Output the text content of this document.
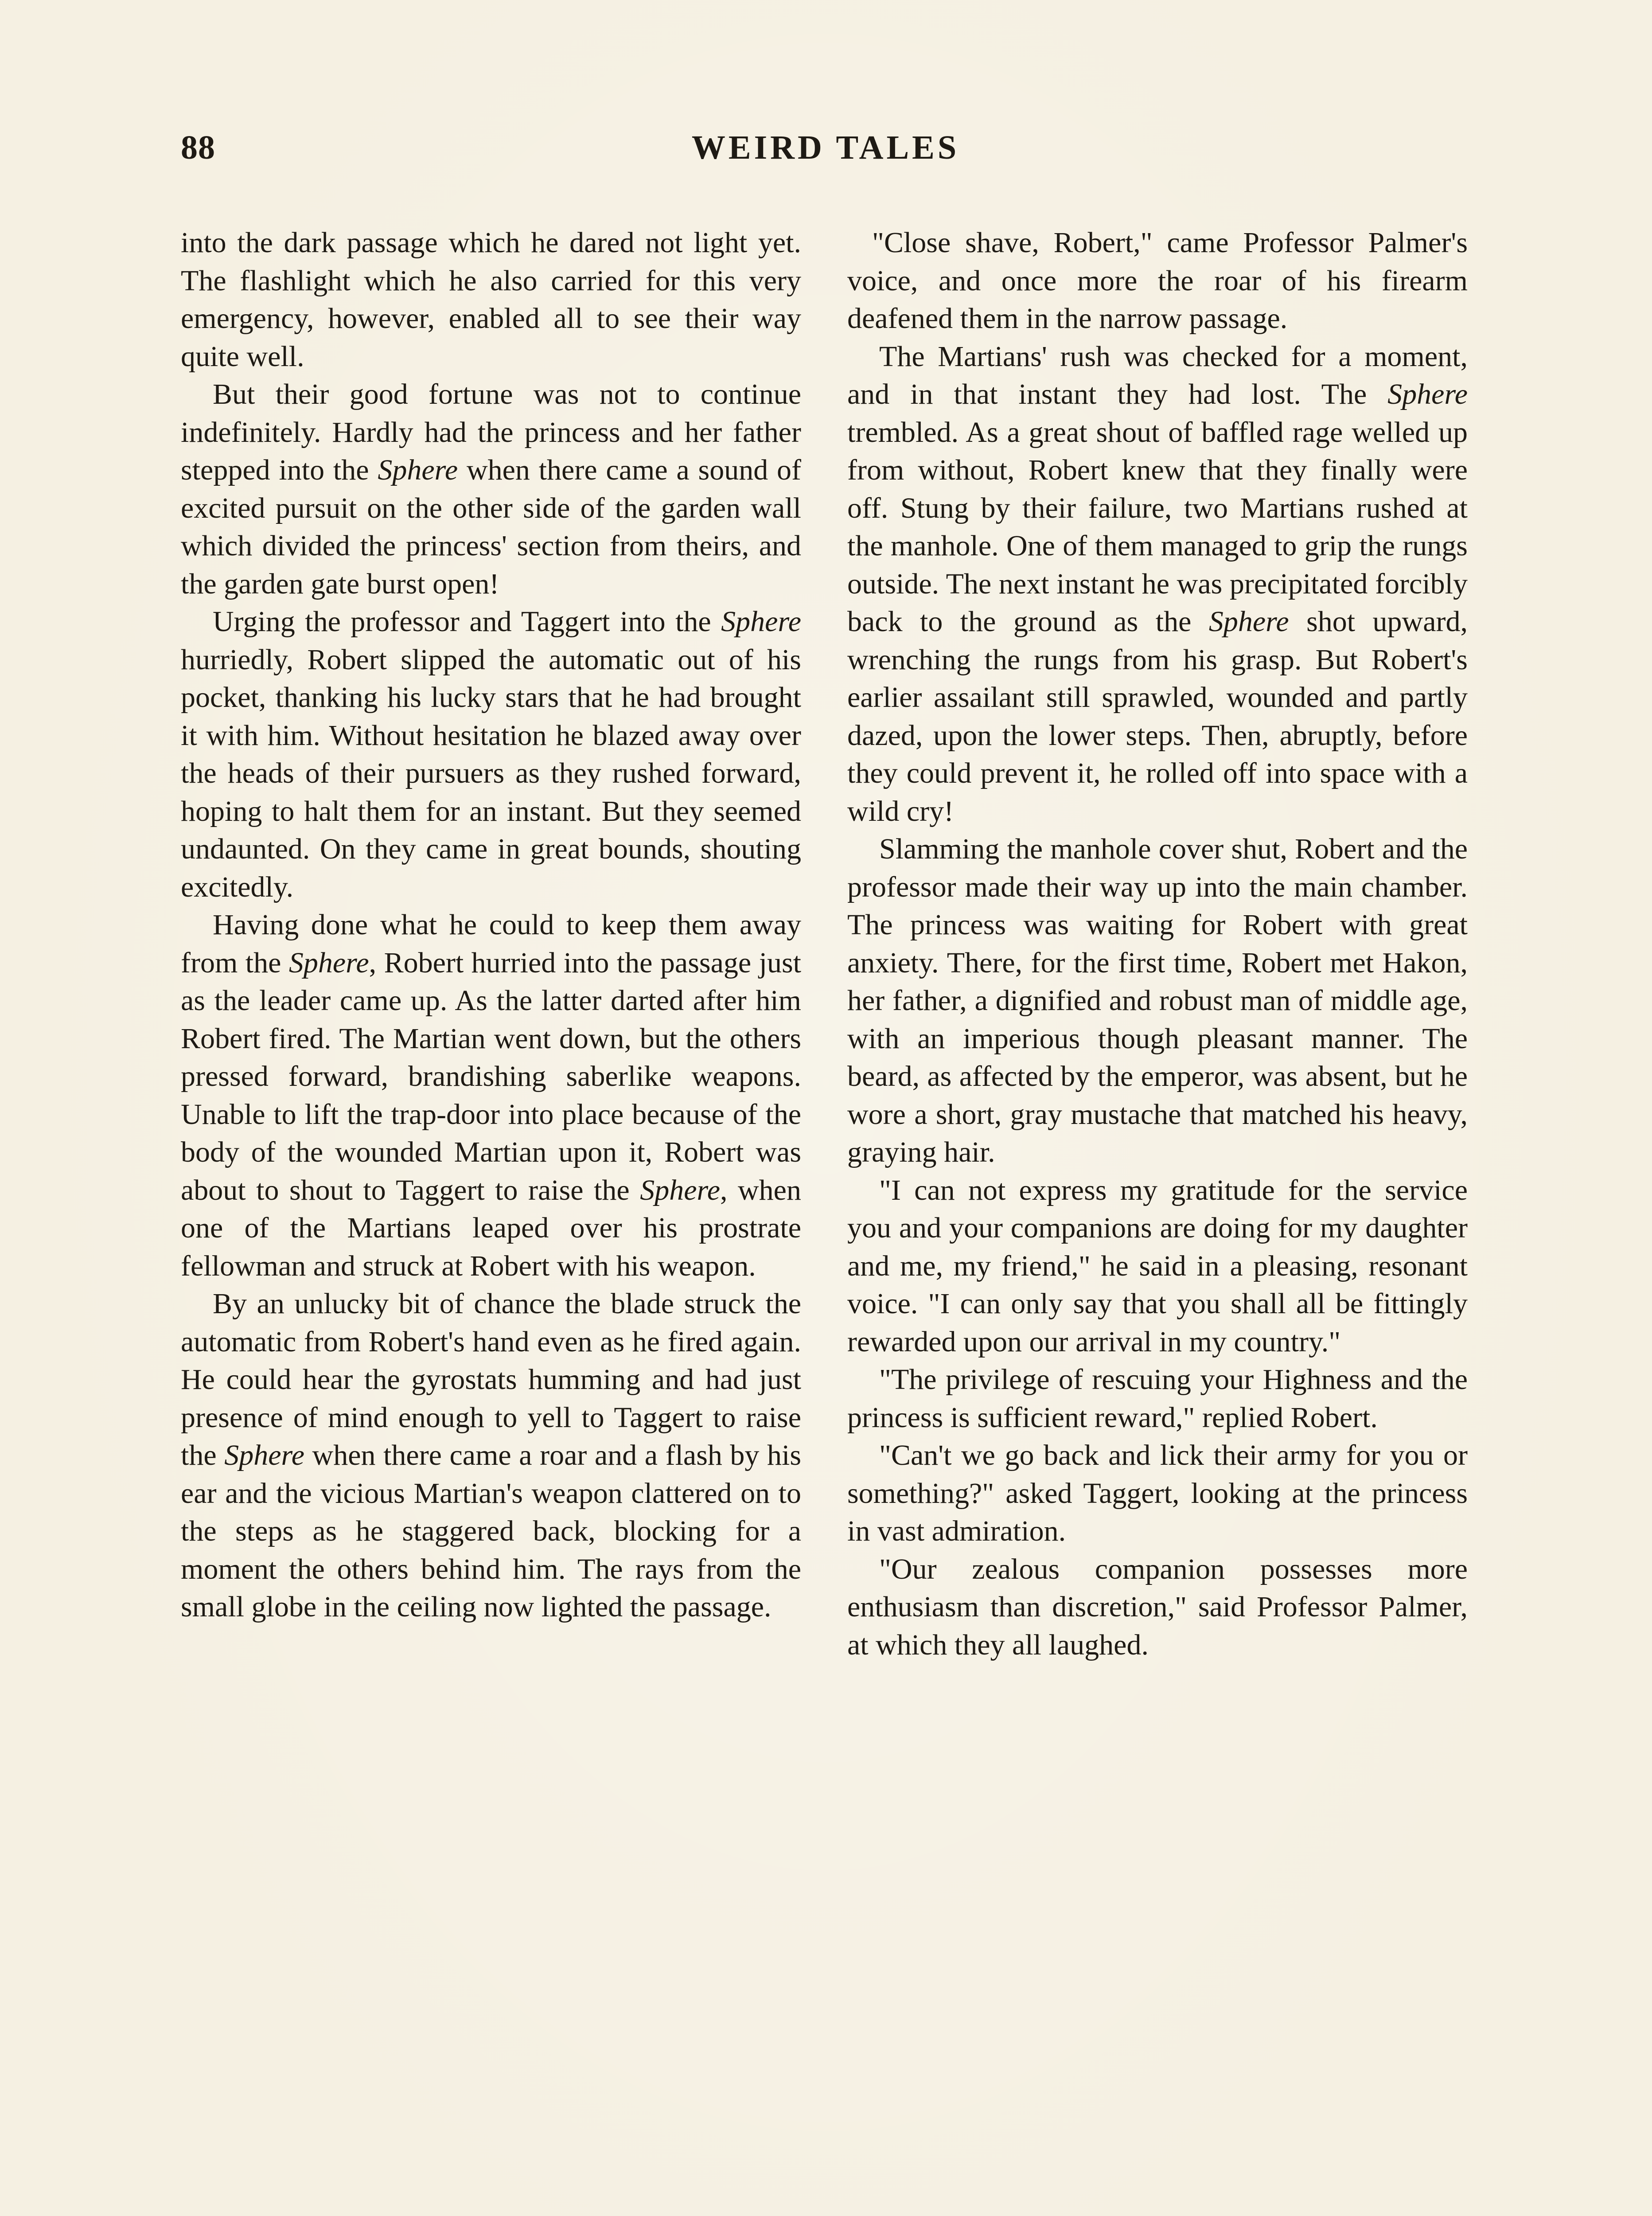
88	WEIRD TALES

into the dark passage which he dared not light yet. The flashlight which he also carried for this very emergency, however, enabled all to see their way quite well.

But their good fortune was not to continue indefinitely. Hardly had the princess and her father stepped into the Sphere when there came a sound of excited pursuit on the other side of the garden wall which divided the princess' section from theirs, and the garden gate burst open!

Urging the professor and Taggert into the Sphere hurriedly, Robert slipped the automatic out of his pocket, thanking his lucky stars that he had brought it with him. Without hesitation he blazed away over the heads of their pursuers as they rushed forward, hoping to halt them for an instant. But they seemed undaunted. On they came in great bounds, shouting excitedly.

Having done what he could to keep them away from the Sphere, Robert hurried into the passage just as the leader came up. As the latter darted after him Robert fired. The Martian went down, but the others pressed forward, brandishing saberlike weapons. Unable to lift the trap-door into place because of the body of the wounded Martian upon it, Robert was about to shout to Taggert to raise the Sphere, when one of the Martians leaped over his prostrate fellowman and struck at Robert with his weapon.

By an unlucky bit of chance the blade struck the automatic from Robert's hand even as he fired again. He could hear the gyrostats humming and had just presence of mind enough to yell to Taggert to raise the Sphere when there came a roar and a flash by his ear and the vicious Martian's weapon clattered on to the steps as he staggered back, blocking for a moment the others behind him. The rays from the small globe in the ceiling now lighted the passage.

"Close shave, Robert," came Professor Palmer's voice, and once more the roar of his firearm deafened them in the narrow passage.

The Martians' rush was checked for a moment, and in that instant they had lost. The Sphere trembled. As a great shout of baffled rage welled up from without, Robert knew that they finally were off. Stung by their failure, two Martians rushed at the manhole. One of them managed to grip the rungs outside. The next instant he was precipitated forcibly back to the ground as the Sphere shot upward, wrenching the rungs from his grasp. But Robert's earlier assailant still sprawled, wounded and partly dazed, upon the lower steps. Then, abruptly, before they could prevent it, he rolled off into space with a wild cry!

Slamming the manhole cover shut, Robert and the professor made their way up into the main chamber. The princess was waiting for Robert with great anxiety. There, for the first time, Robert met Hakon, her father, a dignified and robust man of middle age, with an imperious though pleasant manner. The beard, as affected by the emperor, was absent, but he wore a short, gray mustache that matched his heavy, graying hair.

"I can not express my gratitude for the service you and your companions are doing for my daughter and me, my friend," he said in a pleasing, resonant voice. "I can only say that you shall all be fittingly rewarded upon our arrival in my country."

"The privilege of rescuing your Highness and the princess is sufficient reward," replied Robert.

"Can't we go back and lick their army for you or something?" asked Taggert, looking at the princess in vast admiration.

"Our zealous companion possesses more enthusiasm than discretion," said Professor Palmer, at which they all laughed.
